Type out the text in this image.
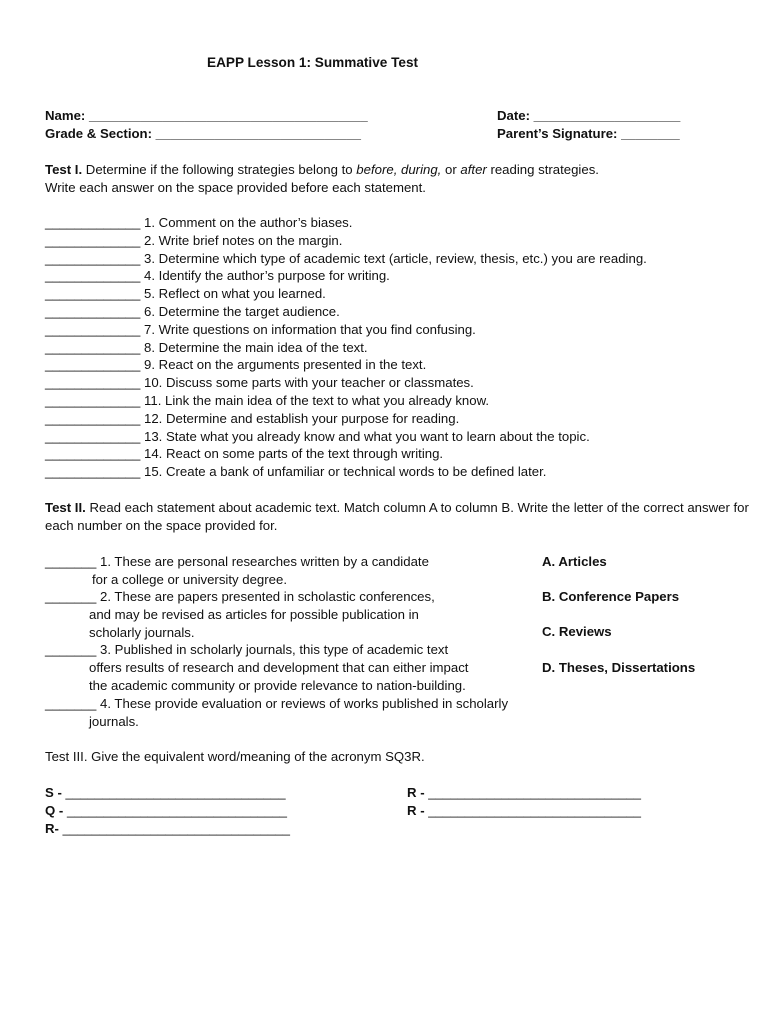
EAPP Lesson 1: Summative Test
Name: ______________________________________	Date: ____________________
Grade & Section: ____________________________	Parent’s Signature: ________
Test I. Determine if the following strategies belong to before, during, or after reading strategies.
Write each answer on the space provided before each statement.
_____________ 1. Comment on the author’s biases.
_____________ 2. Write brief notes on the margin.
_____________ 3. Determine which type of academic text (article, review, thesis, etc.) you are reading.
_____________ 4. Identify the author’s purpose for writing.
_____________ 5. Reflect on what you learned.
_____________ 6. Determine the target audience.
_____________ 7. Write questions on information that you find confusing.
_____________ 8. Determine the main idea of the text.
_____________ 9. React on the arguments presented in the text.
_____________ 10. Discuss some parts with your teacher or classmates.
_____________ 11. Link the main idea of the text to what you already know.
_____________ 12. Determine and establish your purpose for reading.
_____________ 13. State what you already know and what you want to learn about the topic.
_____________ 14. React on some parts of the text through writing.
_____________ 15. Create a bank of unfamiliar or technical words to be defined later.
Test II. Read each statement about academic text. Match column A to column B. Write the letter of the correct answer for
each number on the space provided for.
_______ 1. These are personal researches written by a candidate
for a college or university degree.
_______ 2. These are papers presented in scholastic conferences,
and may be revised as articles for possible publication in
scholarly journals.
_______ 3. Published in scholarly journals, this type of academic text
offers results of research and development that can either impact
the academic community or provide relevance to nation-building.
_______ 4. These provide evaluation or reviews of works published in scholarly
journals.
A. Articles
B. Conference Papers
C. Reviews
D. Theses, Dissertations
Test III. Give the equivalent word/meaning of the acronym SQ3R.
S - ______________________________
Q - ______________________________
R- _______________________________
R - _____________________________
R - _____________________________
